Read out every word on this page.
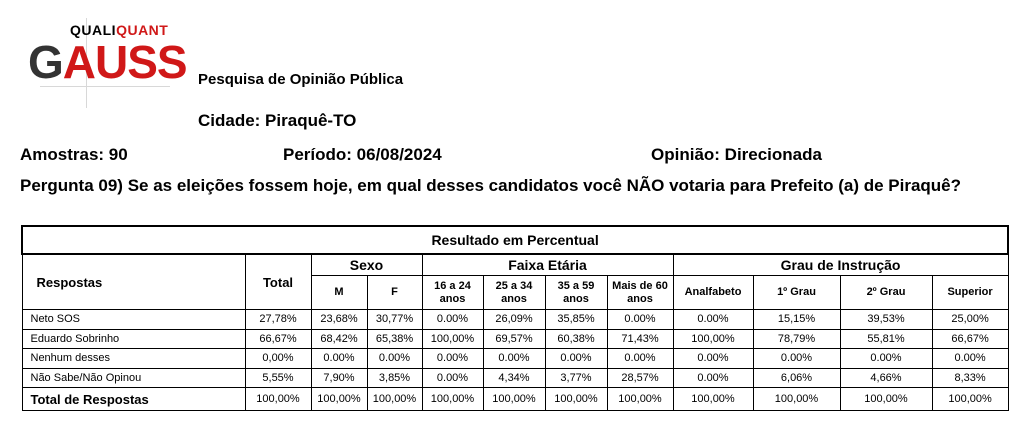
QUALIQUANT
GAUSS Pesquisa de Opinião Pública
Cidade: Piraquê-TO
Amostras: 90	Período: 06/08/2024	Opinião: Direcionada
Pergunta 09) Se as eleições fossem hoje, em qual desses candidatos você NÃO votaria para Prefeito (a) de Piraquê?
Resultado em Percentual											
Respostas	Total	Sexo		Faixa Etária				Grau de Instrução			
		M	F	16 a 24 anos	25 a 34 anos	35 a 59 anos	Mais de 60 anos	Analfabeto	1º Grau	2º Grau	Superior
Neto SOS	27,78%	23,68%	30,77%	0.00%	26,09%	35,85%	0.00%	0.00%	15,15%	39,53%	25,00%
Eduardo Sobrinho	66,67%	68,42%	65,38%	100,00%	69,57%	60,38%	71,43%	100,00%	78,79%	55,81%	66,67%
Nenhum desses	0,00%	0.00%	0.00%	0.00%	0.00%	0.00%	0.00%	0.00%	0.00%	0.00%	0.00%
Não Sabe/Não Opinou	5,55%	7,90%	3,85%	0.00%	4,34%	3,77%	28,57%	0.00%	6,06%	4,66%	8,33%
Total de Respostas	100,00%	100,00%	100,00%	100,00%	100,00%	100,00%	100,00%	100,00%	100,00%	100,00%	100,00%
